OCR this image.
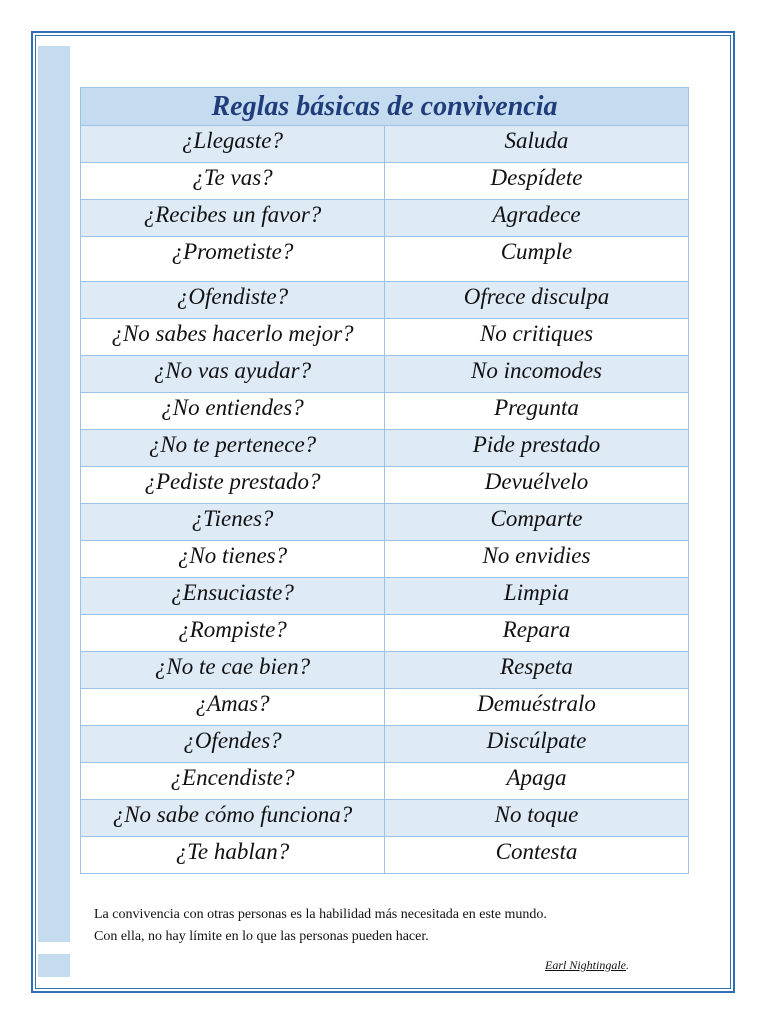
Reglas básicas de convivencia	
¿Llegaste?	Saluda
¿Te vas?	Despídete
¿Recibes un favor?	Agradece
¿Prometiste?	Cumple
¿Ofendiste?	Ofrece disculpa
¿No sabes hacerlo mejor?	No critiques
¿No vas ayudar?	No incomodes
¿No entiendes?	Pregunta
¿No te pertenece?	Pide prestado
¿Pediste prestado?	Devuélvelo
¿Tienes?	Comparte
¿No tienes?	No envidies
¿Ensuciaste?	Limpia
¿Rompiste?	Repara
¿No te cae bien?	Respeta
¿Amas?	Demuéstralo
¿Ofendes?	Discúlpate
¿Encendiste?	Apaga
¿No sabe cómo funciona?	No toque
¿Te hablan?	Contesta

La convivencia con otras personas es la habilidad más necesitada en este mundo.

Con ella, no hay límite en lo que las personas pueden hacer.

Earl Nightingale.
